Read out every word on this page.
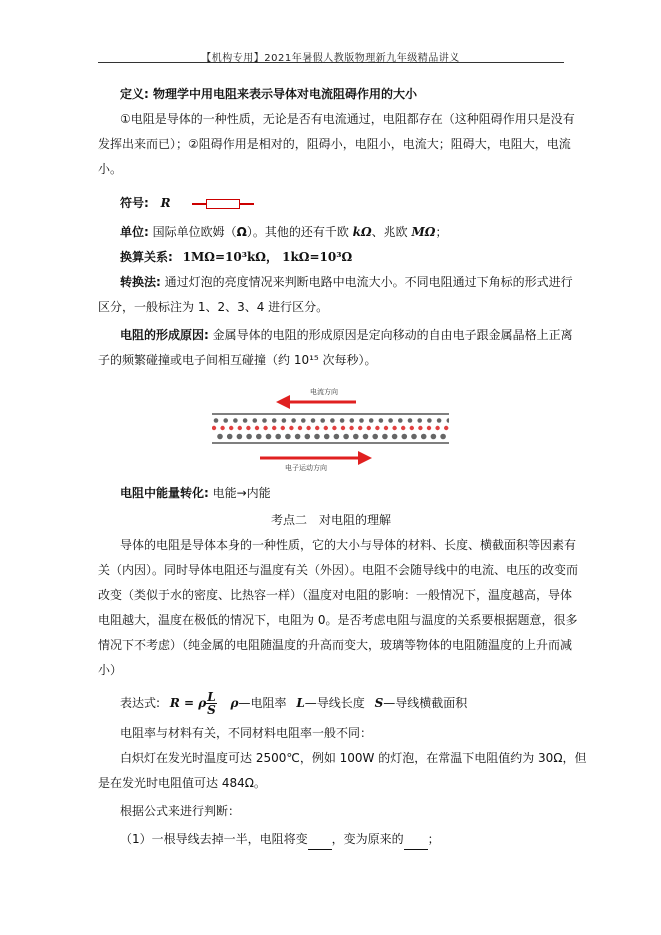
【机构专用】2021年暑假人教版物理新九年级精品讲义
定义: 物理学中用电阻来表示导体对电流阻碍作用的大小
①电阻是导体的一种性质，无论是否有电流通过，电阻都存在（这种阻碍作用只是没有
发挥出来而已）；②阻碍作用是相对的，阻碍小，电阻小，电流大；阻碍大，电阻大，电流
小。
符号: R
单位: 国际单位欧姆（Ω）。其他的还有千欧 kΩ、兆欧 MΩ；
换算关系: 1MΩ=10³kΩ， 1kΩ=10³Ω
转换法: 通过灯泡的亮度情况来判断电路中电流大小。不同电阻通过下角标的形式进行
区分，一般标注为 1、2、3、4 进行区分。
电阻的形成原因: 金属导体的电阻的形成原因是定向移动的自由电子跟金属晶格上正离
子的频繁碰撞或电子间相互碰撞（约 10¹⁵ 次每秒）。
电流方向
电子运动方向
电阻中能量转化: 电能→内能
考点二　对电阻的理解
导体的电阻是导体本身的一种性质，它的大小与导体的材料、长度、横截面积等因素有
关（内因）。同时导体电阻还与温度有关（外因）。电阻不会随导线中的电流、电压的改变而
改变（类似于水的密度、比热容一样）（温度对电阻的影响：一般情况下，温度越高，导体
电阻越大，温度在极低的情况下，电阻为 0。是否考虑电阻与温度的关系要根据题意，很多
情况下不考虑）（纯金属的电阻随温度的升高而变大，玻璃等物体的电阻随温度的上升而减
小）
表达式: R = ρ $\frac{L}{S}$ ρ—电阻率 L—导线长度 S—导线横截面积
电阻率与材料有关，不同材料电阻率一般不同：
白炽灯在发光时温度可达 2500℃，例如 100W 的灯泡，在常温下电阻值约为 30Ω，但
是在发光时电阻值可达 484Ω。
根据公式来进行判断：
（1）一根导线去掉一半，电阻将变 ，变为原来的 ；
